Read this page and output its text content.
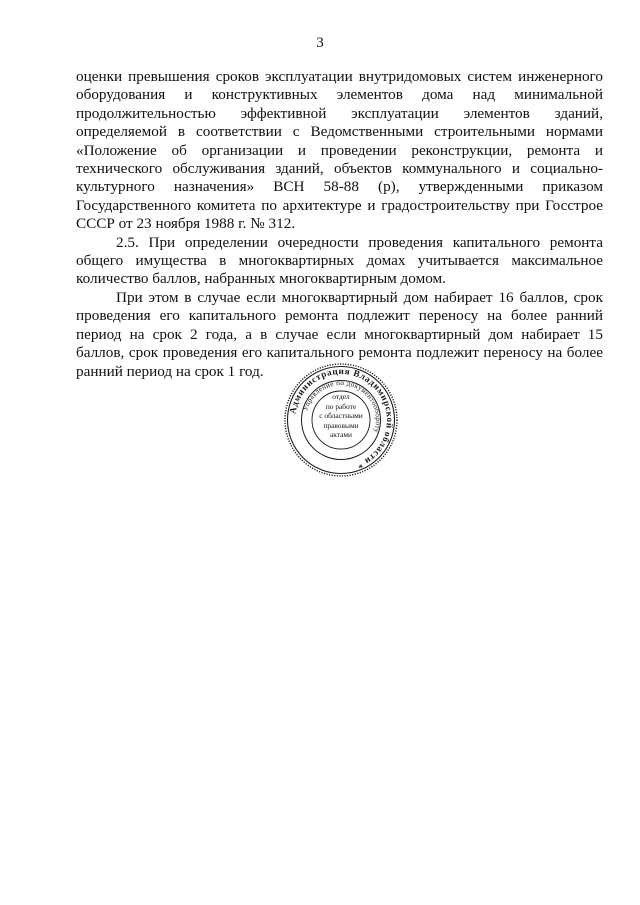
3

оценки превышения сроков эксплуатации внутридомовых систем инженерного оборудования и конструктивных элементов дома над минимальной продолжительностью эффективной эксплуатации элементов зданий, определяемой в соответствии с Ведомственными строительными нормами «Положение об организации и проведении реконструкции, ремонта и технического обслуживания зданий, объектов коммунального и социально-культурного назначения» ВСН 58-88 (р), утвержденными приказом Государственного комитета по архитектуре и градостроительству при Госстрое СССР от 23 ноября 1988 г. № 312.

2.5. При определении очередности проведения капитального ремонта общего имущества в многоквартирных домах учитывается максимальное количество баллов, набранных многоквартирным домом.

При этом в случае если многоквартирный дом набирает 16 баллов, срок проведения его капитального ремонта подлежит переносу на более ранний период на срок 2 года, а в случае если многоквартирный дом набирает 15 баллов, срок проведения его капитального ремонта подлежит переносу на более ранний период на срок 1 год.

Администрация Владимирской области *
Управление по документообороту
отдел
по работе
с областными
правовыми
актами
